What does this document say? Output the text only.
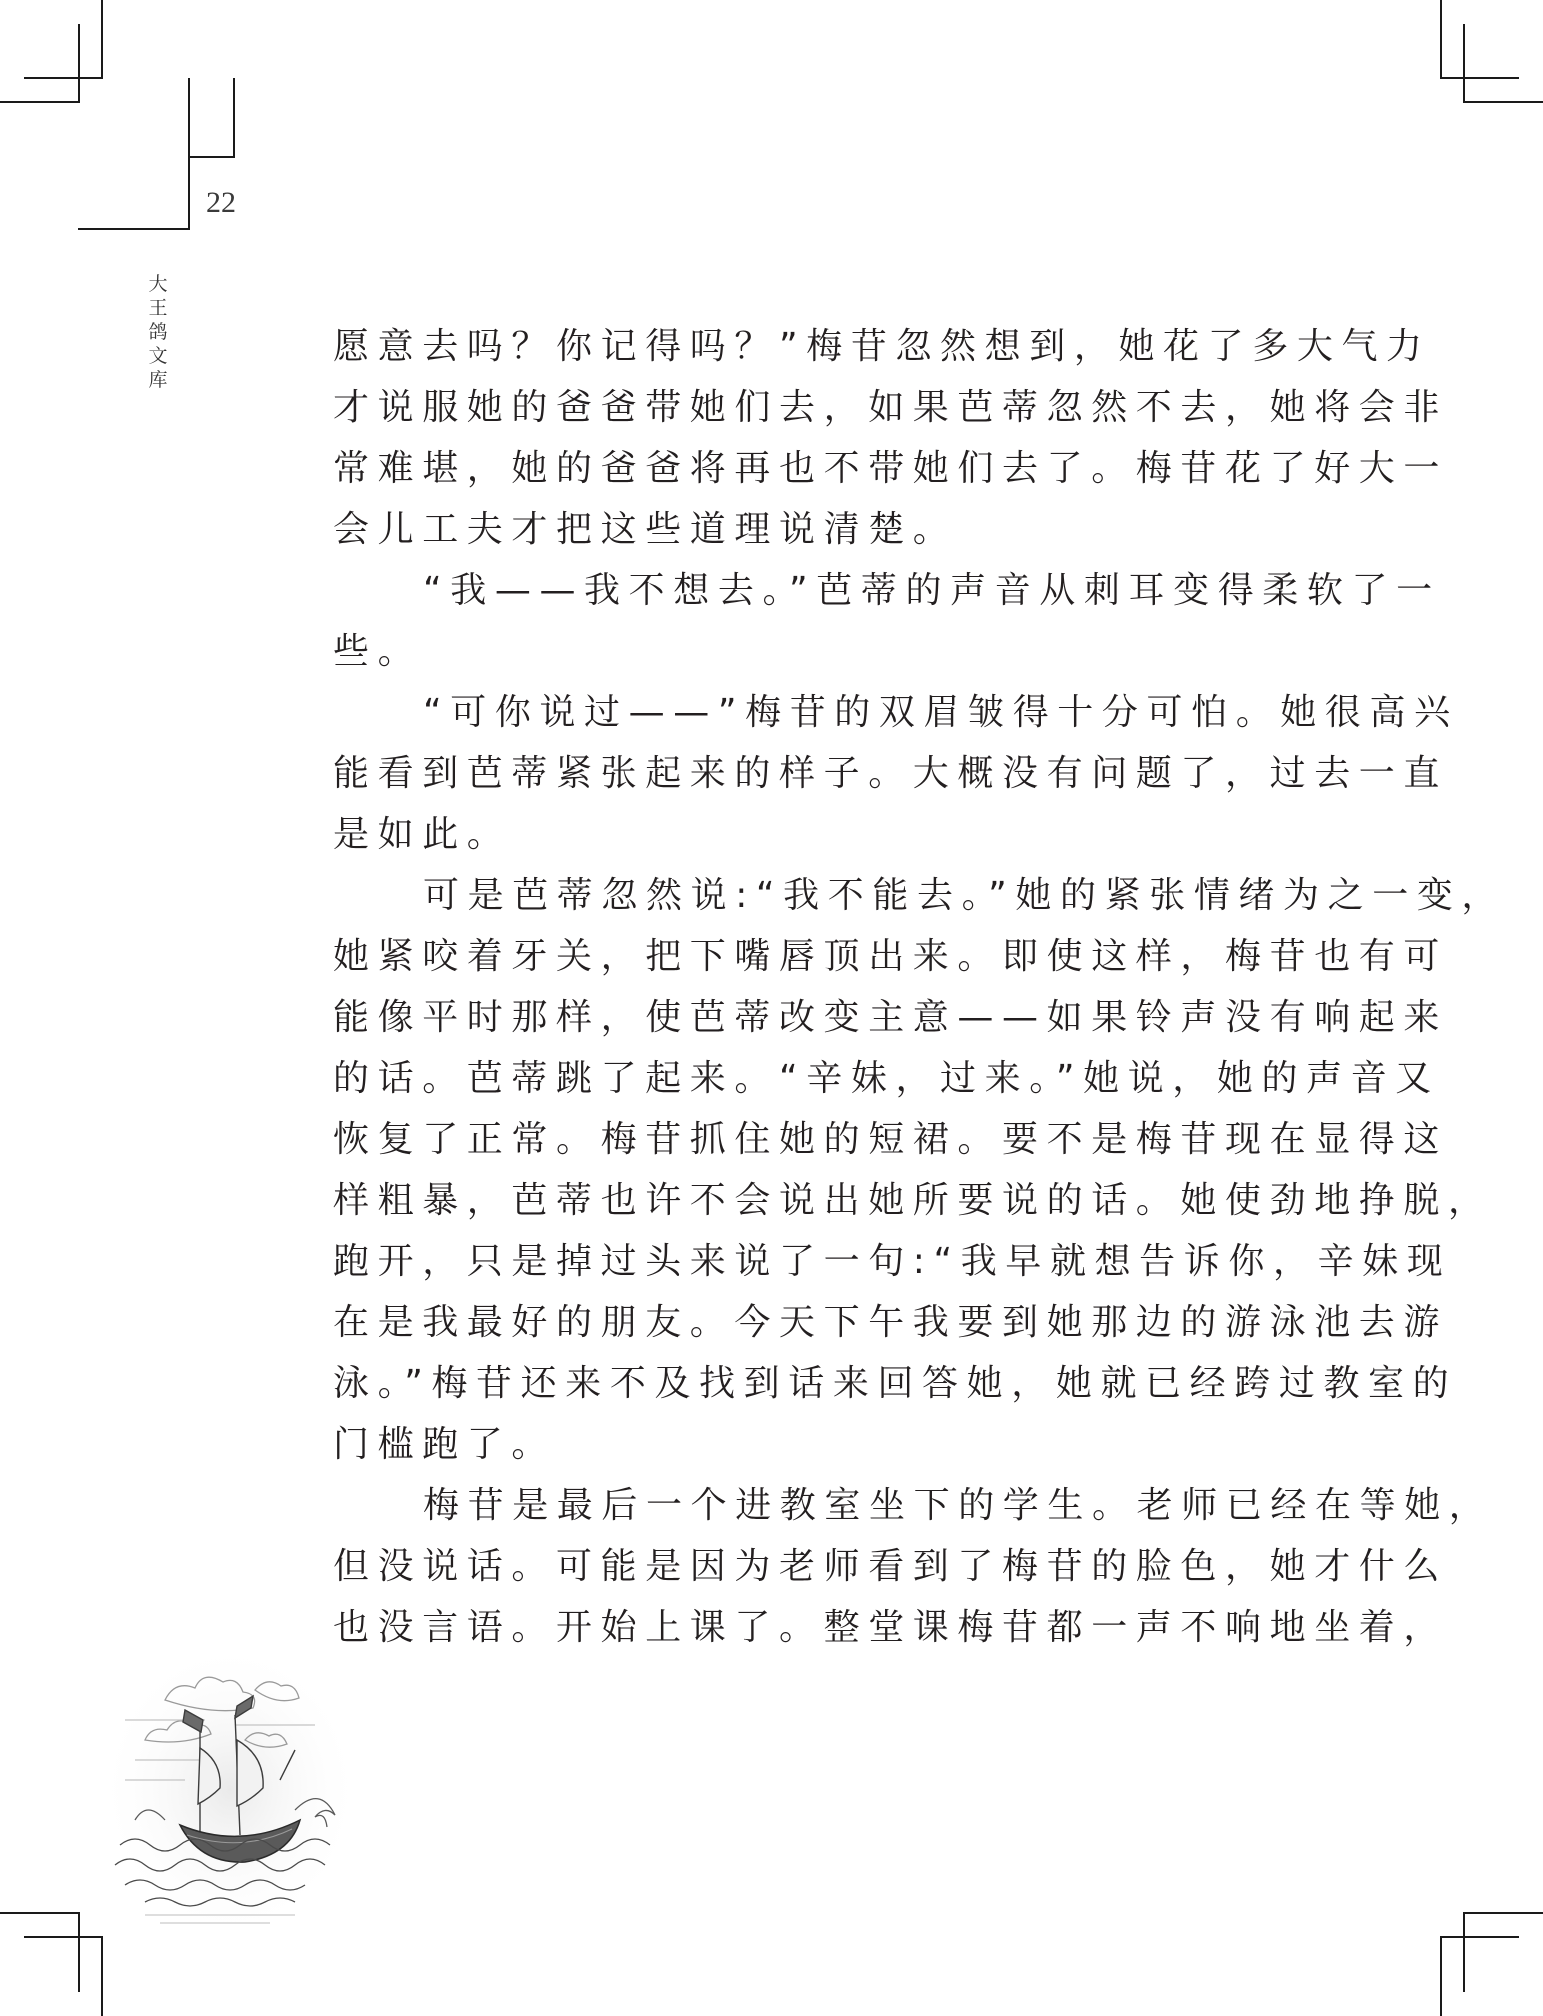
22
大
王
鸽
文
库

愿意去吗？你记得吗？”梅苷忽然想到，她花了多大气力
才说服她的爸爸带她们去，如果芭蒂忽然不去，她将会非
常难堪，她的爸爸将再也不带她们去了。梅苷花了好大一
会儿工夫才把这些道理说清楚。

“我——我不想去。”芭蒂的声音从刺耳变得柔软了一
些。

“可你说过——”梅苷的双眉皱得十分可怕。她很高兴
能看到芭蒂紧张起来的样子。大概没有问题了，过去一直
是如此。

可是芭蒂忽然说:“我不能去。”她的紧张情绪为之一变，
她紧咬着牙关，把下嘴唇顶出来。即使这样，梅苷也有可
能像平时那样，使芭蒂改变主意——如果铃声没有响起来
的话。芭蒂跳了起来。“辛妹，过来。”她说，她的声音又
恢复了正常。梅苷抓住她的短裙。要不是梅苷现在显得这
样粗暴，芭蒂也许不会说出她所要说的话。她使劲地挣脱，
跑开，只是掉过头来说了一句:“我早就想告诉你，辛妹现
在是我最好的朋友。今天下午我要到她那边的游泳池去游
泳。”梅苷还来不及找到话来回答她，她就已经跨过教室的
门槛跑了。

梅苷是最后一个进教室坐下的学生。老师已经在等她，
但没说话。可能是因为老师看到了梅苷的脸色，她才什么
也没言语。开始上课了。整堂课梅苷都一声不响地坐着，
